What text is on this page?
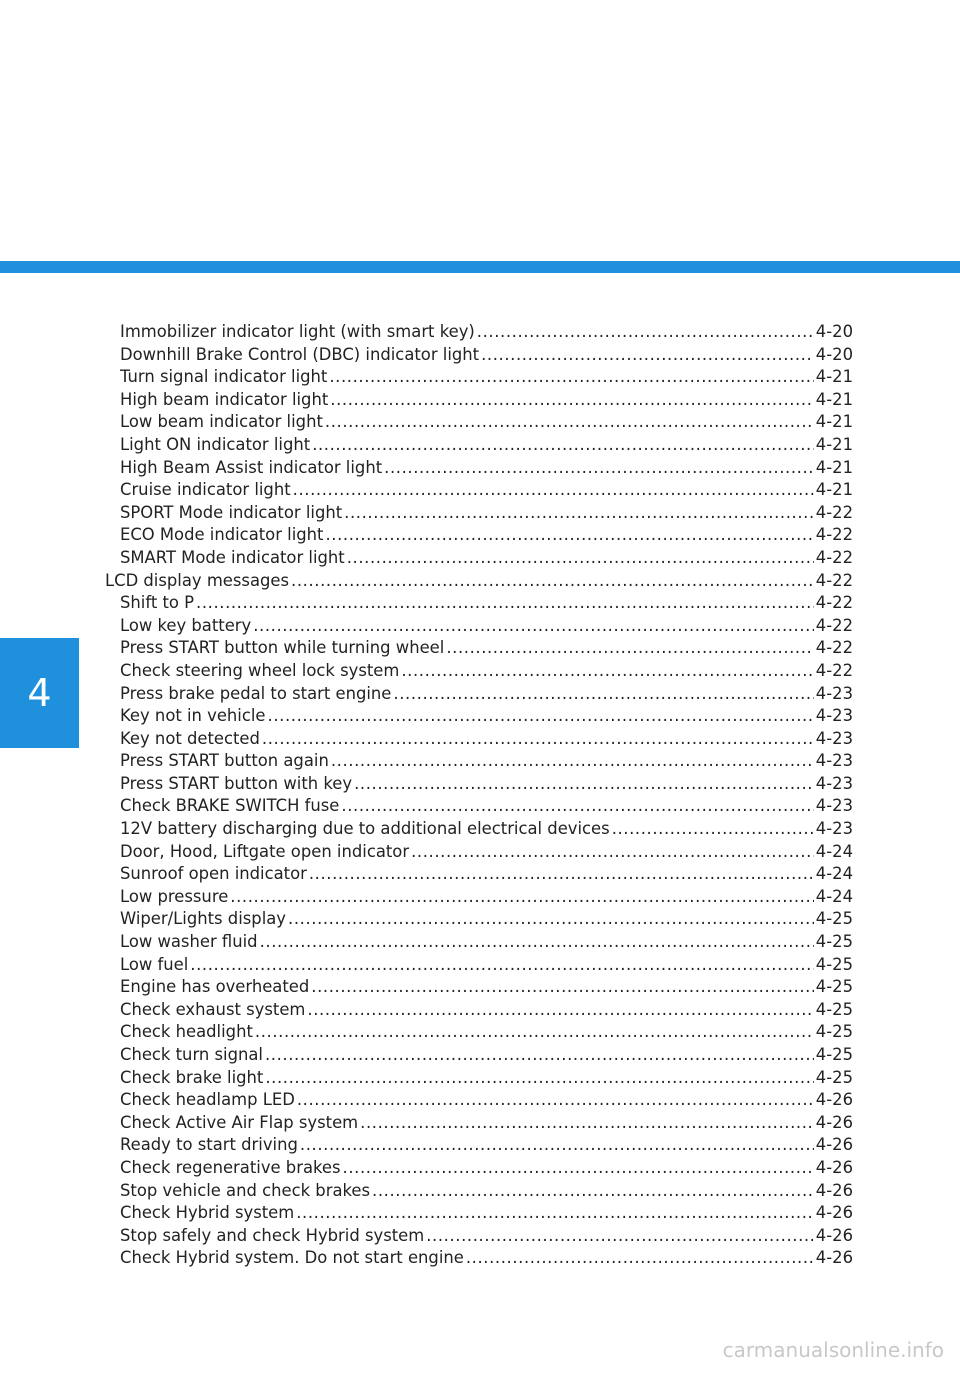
4
Immobilizer indicator light (with smart key) .....	4-20
Downhill Brake Control (DBC) indicator light .....	4-20
Turn signal indicator light .....	4-21
High beam indicator light .....	4-21
Low beam indicator light .....	4-21
Light ON indicator light .....	4-21
High Beam Assist indicator light .....	4-21
Cruise indicator light .....	4-21
SPORT Mode indicator light .....	4-22
ECO Mode indicator light .....	4-22
SMART Mode indicator light .....	4-22
LCD display messages .....	4-22
Shift to P .....	4-22
Low key battery .....	4-22
Press START button while turning wheel .....	4-22
Check steering wheel lock system .....	4-22
Press brake pedal to start engine .....	4-23
Key not in vehicle .....	4-23
Key not detected .....	4-23
Press START button again .....	4-23
Press START button with key .....	4-23
Check BRAKE SWITCH fuse .....	4-23
12V battery discharging due to additional electrical devices .....	4-23
Door, Hood, Liftgate open indicator .....	4-24
Sunroof open indicator .....	4-24
Low pressure .....	4-24
Wiper/Lights display .....	4-25
Low washer fluid .....	4-25
Low fuel .....	4-25
Engine has overheated .....	4-25
Check exhaust system .....	4-25
Check headlight .....	4-25
Check turn signal .....	4-25
Check brake light .....	4-25
Check headlamp LED .....	4-26
Check Active Air Flap system .....	4-26
Ready to start driving .....	4-26
Check regenerative brakes .....	4-26
Stop vehicle and check brakes .....	4-26
Check Hybrid system .....	4-26
Stop safely and check Hybrid system .....	4-26
Check Hybrid system. Do not start engine .....	4-26
carmanualsonline.info
